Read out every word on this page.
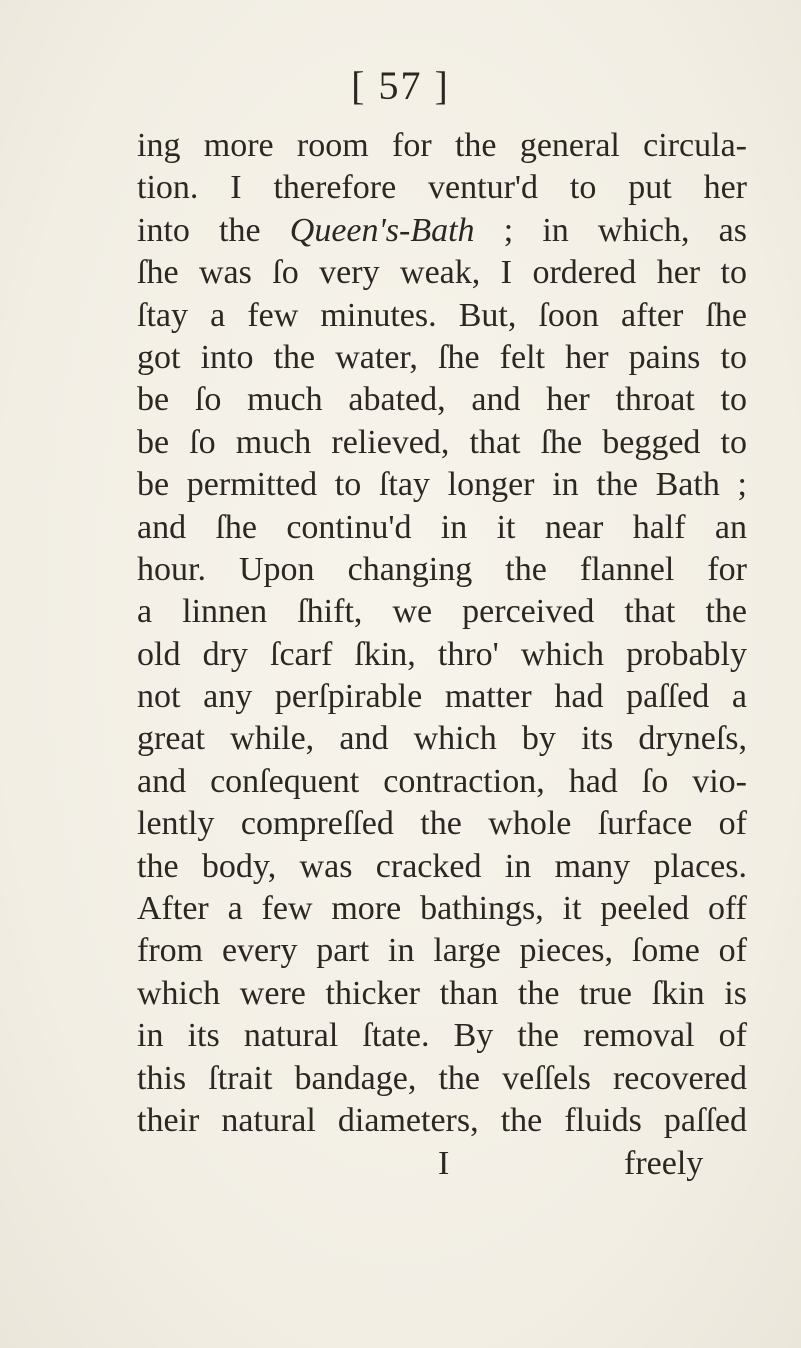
[ 57 ]
ing more room for the general circula-
tion. I therefore ventur'd to put her
into the Queen's-Bath ; in which, as
ſhe was ſo very weak, I ordered her to
ſtay a few minutes. But, ſoon after ſhe
got into the water, ſhe felt her pains to
be ſo much abated, and her throat to
be ſo much relieved, that ſhe begged to
be permitted to ſtay longer in the Bath ;
and ſhe continu'd in it near half an
hour. Upon changing the flannel for
a linnen ſhift, we perceived that the
old dry ſcarf ſkin, thro' which probably
not any perſpirable matter had paſſed a
great while, and which by its dryneſs,
and conſequent contraction, had ſo vio-
lently compreſſed the whole ſurface of
the body, was cracked in many places.
After a few more bathings, it peeled off
from every part in large pieces, ſome of
which were thicker than the true ſkin is
in its natural ſtate. By the removal of
this ſtrait bandage, the veſſels recovered
their natural diameters, the fluids paſſed
I	freely
